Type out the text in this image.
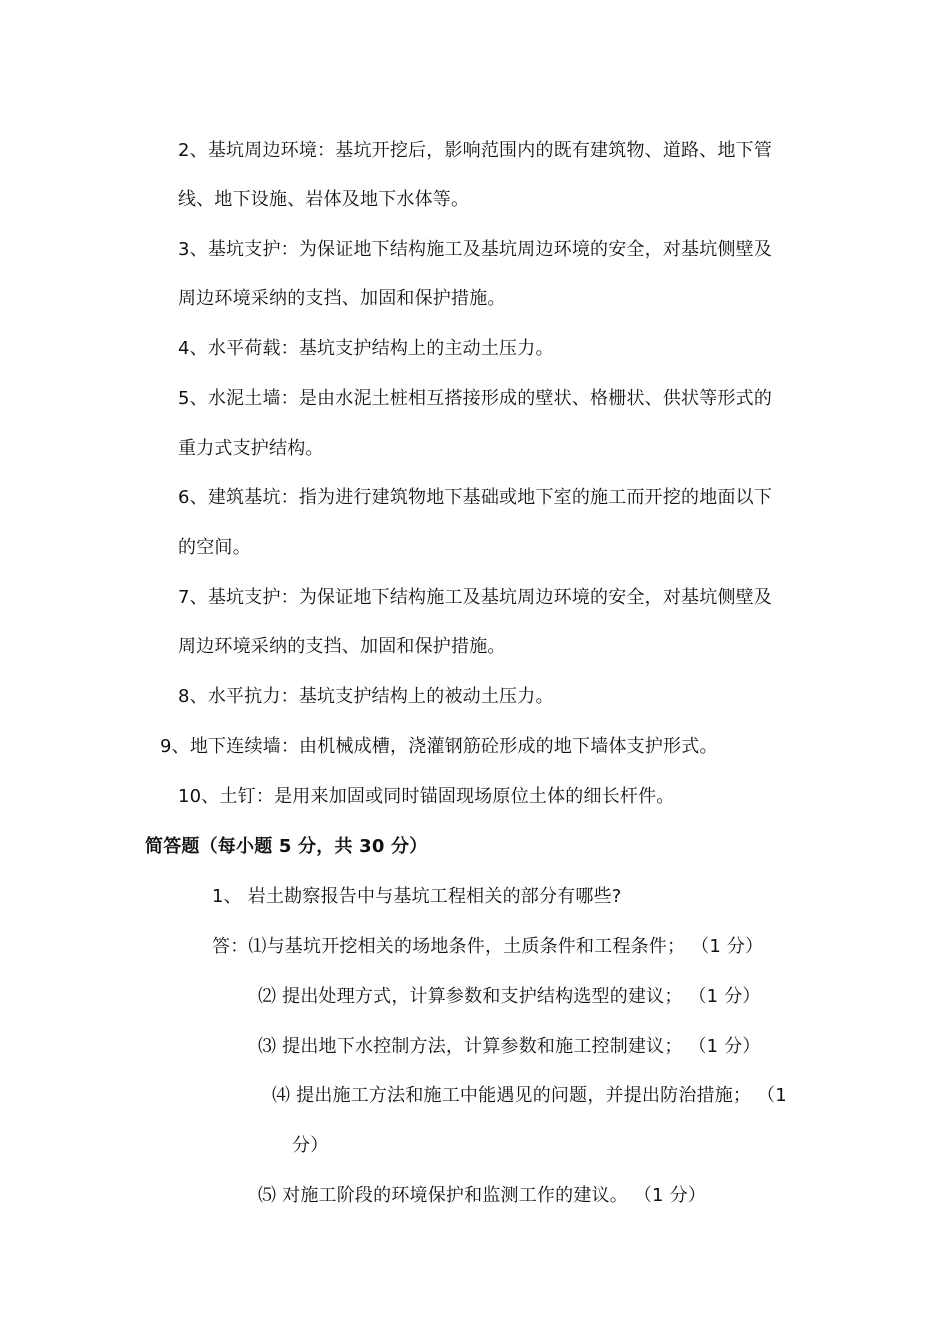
2、基坑周边环境：基坑开挖后，影响范围内的既有建筑物、道路、地下管
线、地下设施、岩体及地下水体等。
3、基坑支护：为保证地下结构施工及基坑周边环境的安全，对基坑侧壁及
周边环境采纳的支挡、加固和保护措施。
4、水平荷载：基坑支护结构上的主动土压力。
5、水泥土墙：是由水泥土桩相互搭接形成的壁状、格栅状、供状等形式的
重力式支护结构。
6、建筑基坑：指为进行建筑物地下基础或地下室的施工而开挖的地面以下
的空间。
7、基坑支护：为保证地下结构施工及基坑周边环境的安全，对基坑侧壁及
周边环境采纳的支挡、加固和保护措施。
8、水平抗力：基坑支护结构上的被动土压力。
9、地下连续墙：由机械成槽，浇灌钢筋砼形成的地下墙体支护形式。
10、土钉：是用来加固或同时锚固现场原位土体的细长杆件。
简答题（每小题 5 分，共 30 分）
1、 岩土勘察报告中与基坑工程相关的部分有哪些?
答：⑴与基坑开挖相关的场地条件，土质条件和工程条件； （1 分）
⑵ 提出处理方式，计算参数和支护结构选型的建议； （1 分）
⑶ 提出地下水控制方法，计算参数和施工控制建议； （1 分）
⑷ 提出施工方法和施工中能遇见的问题，并提出防治措施； （1
分）
⑸ 对施工阶段的环境保护和监测工作的建议。 （1 分）
